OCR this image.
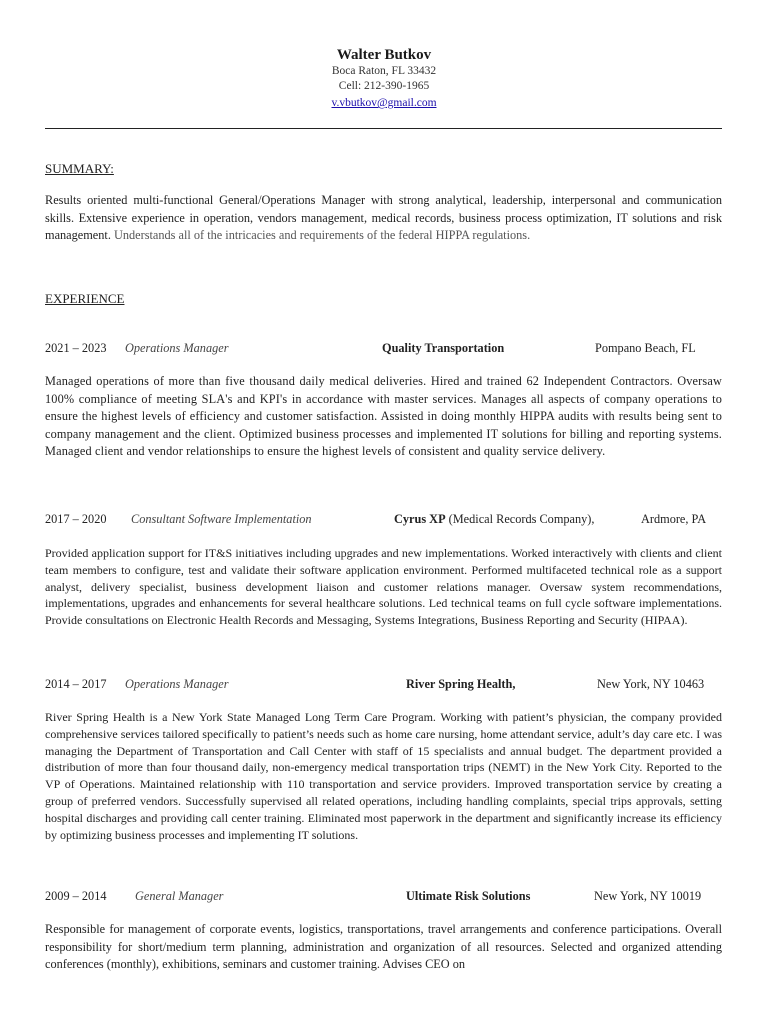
Walter Butkov
Boca Raton, FL 33432
Cell: 212-390-1965
v.vbutkov@gmail.com
SUMMARY:
Results oriented multi-functional General/Operations Manager with strong analytical, leadership, interpersonal and communication skills. Extensive experience in operation, vendors management, medical records, business process optimization, IT solutions and risk management. Understands all of the intricacies and requirements of the federal HIPPA regulations.
EXPERIENCE
2021 – 2023 Operations Manager	Quality Transportation	Pompano Beach, FL
Managed operations of more than five thousand daily medical deliveries. Hired and trained 62 Independent Contractors. Oversaw 100% compliance of meeting SLA's and KPI's in accordance with master services. Manages all aspects of company operations to ensure the highest levels of efficiency and customer satisfaction. Assisted in doing monthly HIPPA audits with results being sent to company management and the client. Optimized business processes and implemented IT solutions for billing and reporting systems. Managed client and vendor relationships to ensure the highest levels of consistent and quality service delivery.
2017 – 2020 Consultant Software Implementation	Cyrus XP (Medical Records Company),	Ardmore, PA
Provided application support for IT&S initiatives including upgrades and new implementations. Worked interactively with clients and client team members to configure, test and validate their software application environment. Performed multifaceted technical role as a support analyst, delivery specialist, business development liaison and customer relations manager. Oversaw system recommendations, implementations, upgrades and enhancements for several healthcare solutions. Led technical teams on full cycle software implementations. Provide consultations on Electronic Health Records and Messaging, Systems Integrations, Business Reporting and Security (HIPAA).
2014 – 2017 Operations Manager	River Spring Health,	New York, NY 10463
River Spring Health is a New York State Managed Long Term Care Program. Working with patient’s physician, the company provided comprehensive services tailored specifically to patient’s needs such as home care nursing, home attendant service, adult’s day care etc. I was managing the Department of Transportation and Call Center with staff of 15 specialists and annual budget. The department provided a distribution of more than four thousand daily, non-emergency medical transportation trips (NEMT) in the New York City. Reported to the VP of Operations. Maintained relationship with 110 transportation and service providers. Improved transportation service by creating a group of preferred vendors. Successfully supervised all related operations, including handling complaints, special trips approvals, setting hospital discharges and providing call center training. Eliminated most paperwork in the department and significantly increase its efficiency by optimizing business processes and implementing IT solutions.
2009 – 2014 General Manager	Ultimate Risk Solutions	New York, NY 10019
Responsible for management of corporate events, logistics, transportations, travel arrangements and conference participations. Overall responsibility for short/medium term planning, administration and organization of all resources. Selected and organized attending conferences (monthly), exhibitions, seminars and customer training. Advises CEO on
